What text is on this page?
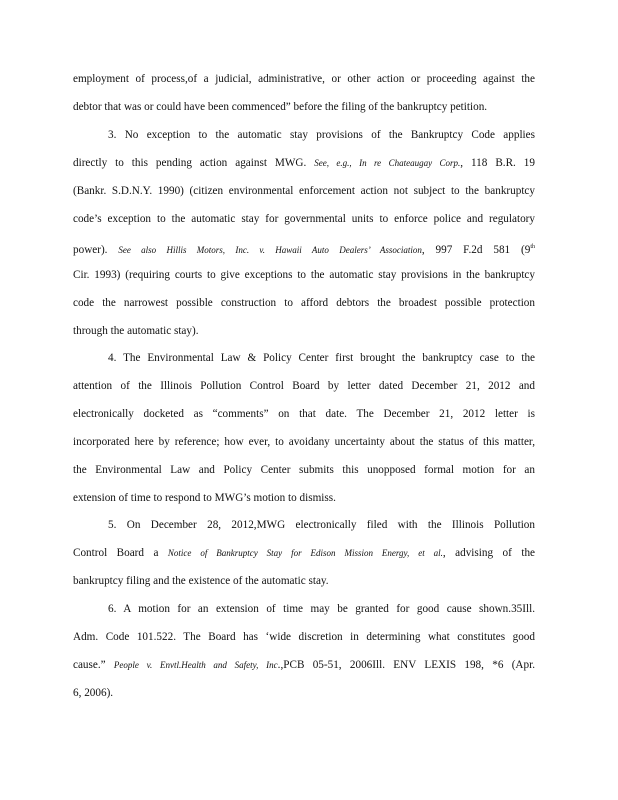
employment of process,of a judicial, administrative, or other action or proceeding against the
debtor that was or could have been commenced” before the filing of the bankruptcy petition.
3. No exception to the automatic stay provisions of the Bankruptcy Code applies
directly to this pending action against MWG. See, e.g., In re Chateaugay Corp., 118 B.R. 19
(Bankr. S.D.N.Y. 1990) (citizen environmental enforcement action not subject to the bankruptcy
code’s exception to the automatic stay for governmental units to enforce police and regulatory
power). See also Hillis Motors, Inc. v. Hawaii Auto Dealers’ Association, 997 F.2d 581 (9th
Cir. 1993) (requiring courts to give exceptions to the automatic stay provisions in the bankruptcy
code the narrowest possible construction to afford debtors the broadest possible protection
through the automatic stay).
4. The Environmental Law & Policy Center first brought the bankruptcy case to the
attention of the Illinois Pollution Control Board by letter dated December 21, 2012 and
electronically docketed as “comments” on that date. The December 21, 2012 letter is
incorporated here by reference; how ever, to avoidany uncertainty about the status of this matter,
the Environmental Law and Policy Center submits this unopposed formal motion for an
extension of time to respond to MWG’s motion to dismiss.
5. On December 28, 2012,MWG electronically filed with the Illinois Pollution
Control Board a Notice of Bankruptcy Stay for Edison Mission Energy, et al., advising of the
bankruptcy filing and the existence of the automatic stay.
6. A motion for an extension of time may be granted for good cause shown.35Ill.
Adm. Code 101.522. The Board has ‘wide discretion in determining what constitutes good
cause.” People v. Envtl.Health and Safety, Inc.,PCB 05-51, 2006Ill. ENV LEXIS 198, *6 (Apr.
6, 2006).
